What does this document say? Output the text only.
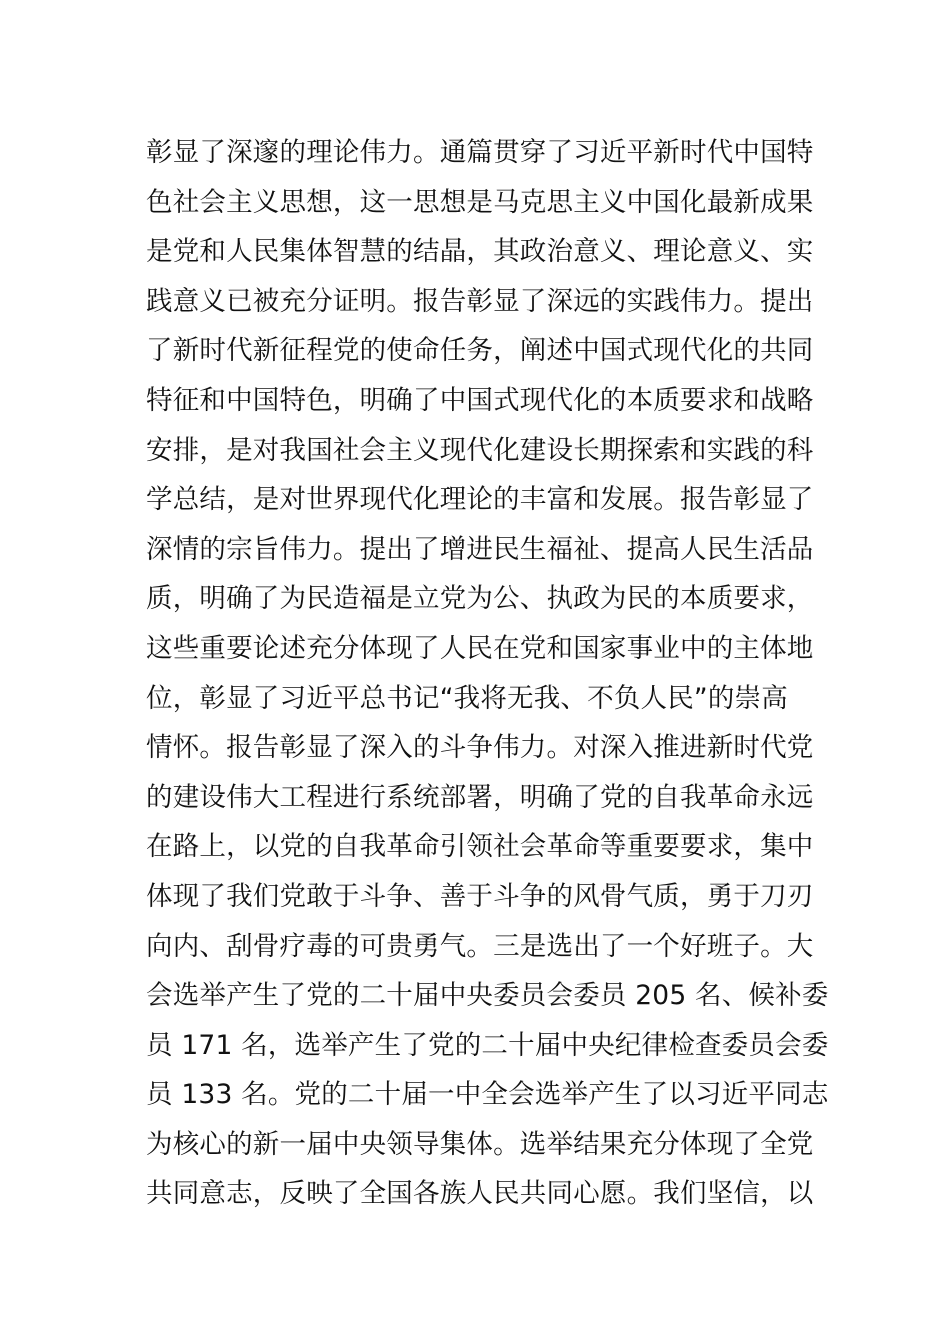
彰显了深邃的理论伟力。通篇贯穿了习近平新时代中国特
色社会主义思想，这一思想是马克思主义中国化最新成果
是党和人民集体智慧的结晶，其政治意义、理论意义、实
践意义已被充分证明。报告彰显了深远的实践伟力。提出
了新时代新征程党的使命任务，阐述中国式现代化的共同
特征和中国特色，明确了中国式现代化的本质要求和战略
安排，是对我国社会主义现代化建设长期探索和实践的科
学总结，是对世界现代化理论的丰富和发展。报告彰显了
深情的宗旨伟力。提出了增进民生福祉、提高人民生活品
质，明确了为民造福是立党为公、执政为民的本质要求，
这些重要论述充分体现了人民在党和国家事业中的主体地
位，彰显了习近平总书记“我将无我、不负人民”的崇高
情怀。报告彰显了深入的斗争伟力。对深入推进新时代党
的建设伟大工程进行系统部署，明确了党的自我革命永远
在路上，以党的自我革命引领社会革命等重要要求，集中
体现了我们党敢于斗争、善于斗争的风骨气质，勇于刀刃
向内、刮骨疗毒的可贵勇气。三是选出了一个好班子。大
会选举产生了党的二十届中央委员会委员 205 名、候补委
员 171 名，选举产生了党的二十届中央纪律检查委员会委
员 133 名。党的二十届一中全会选举产生了以习近平同志
为核心的新一届中央领导集体。选举结果充分体现了全党
共同意志，反映了全国各族人民共同心愿。我们坚信，以
